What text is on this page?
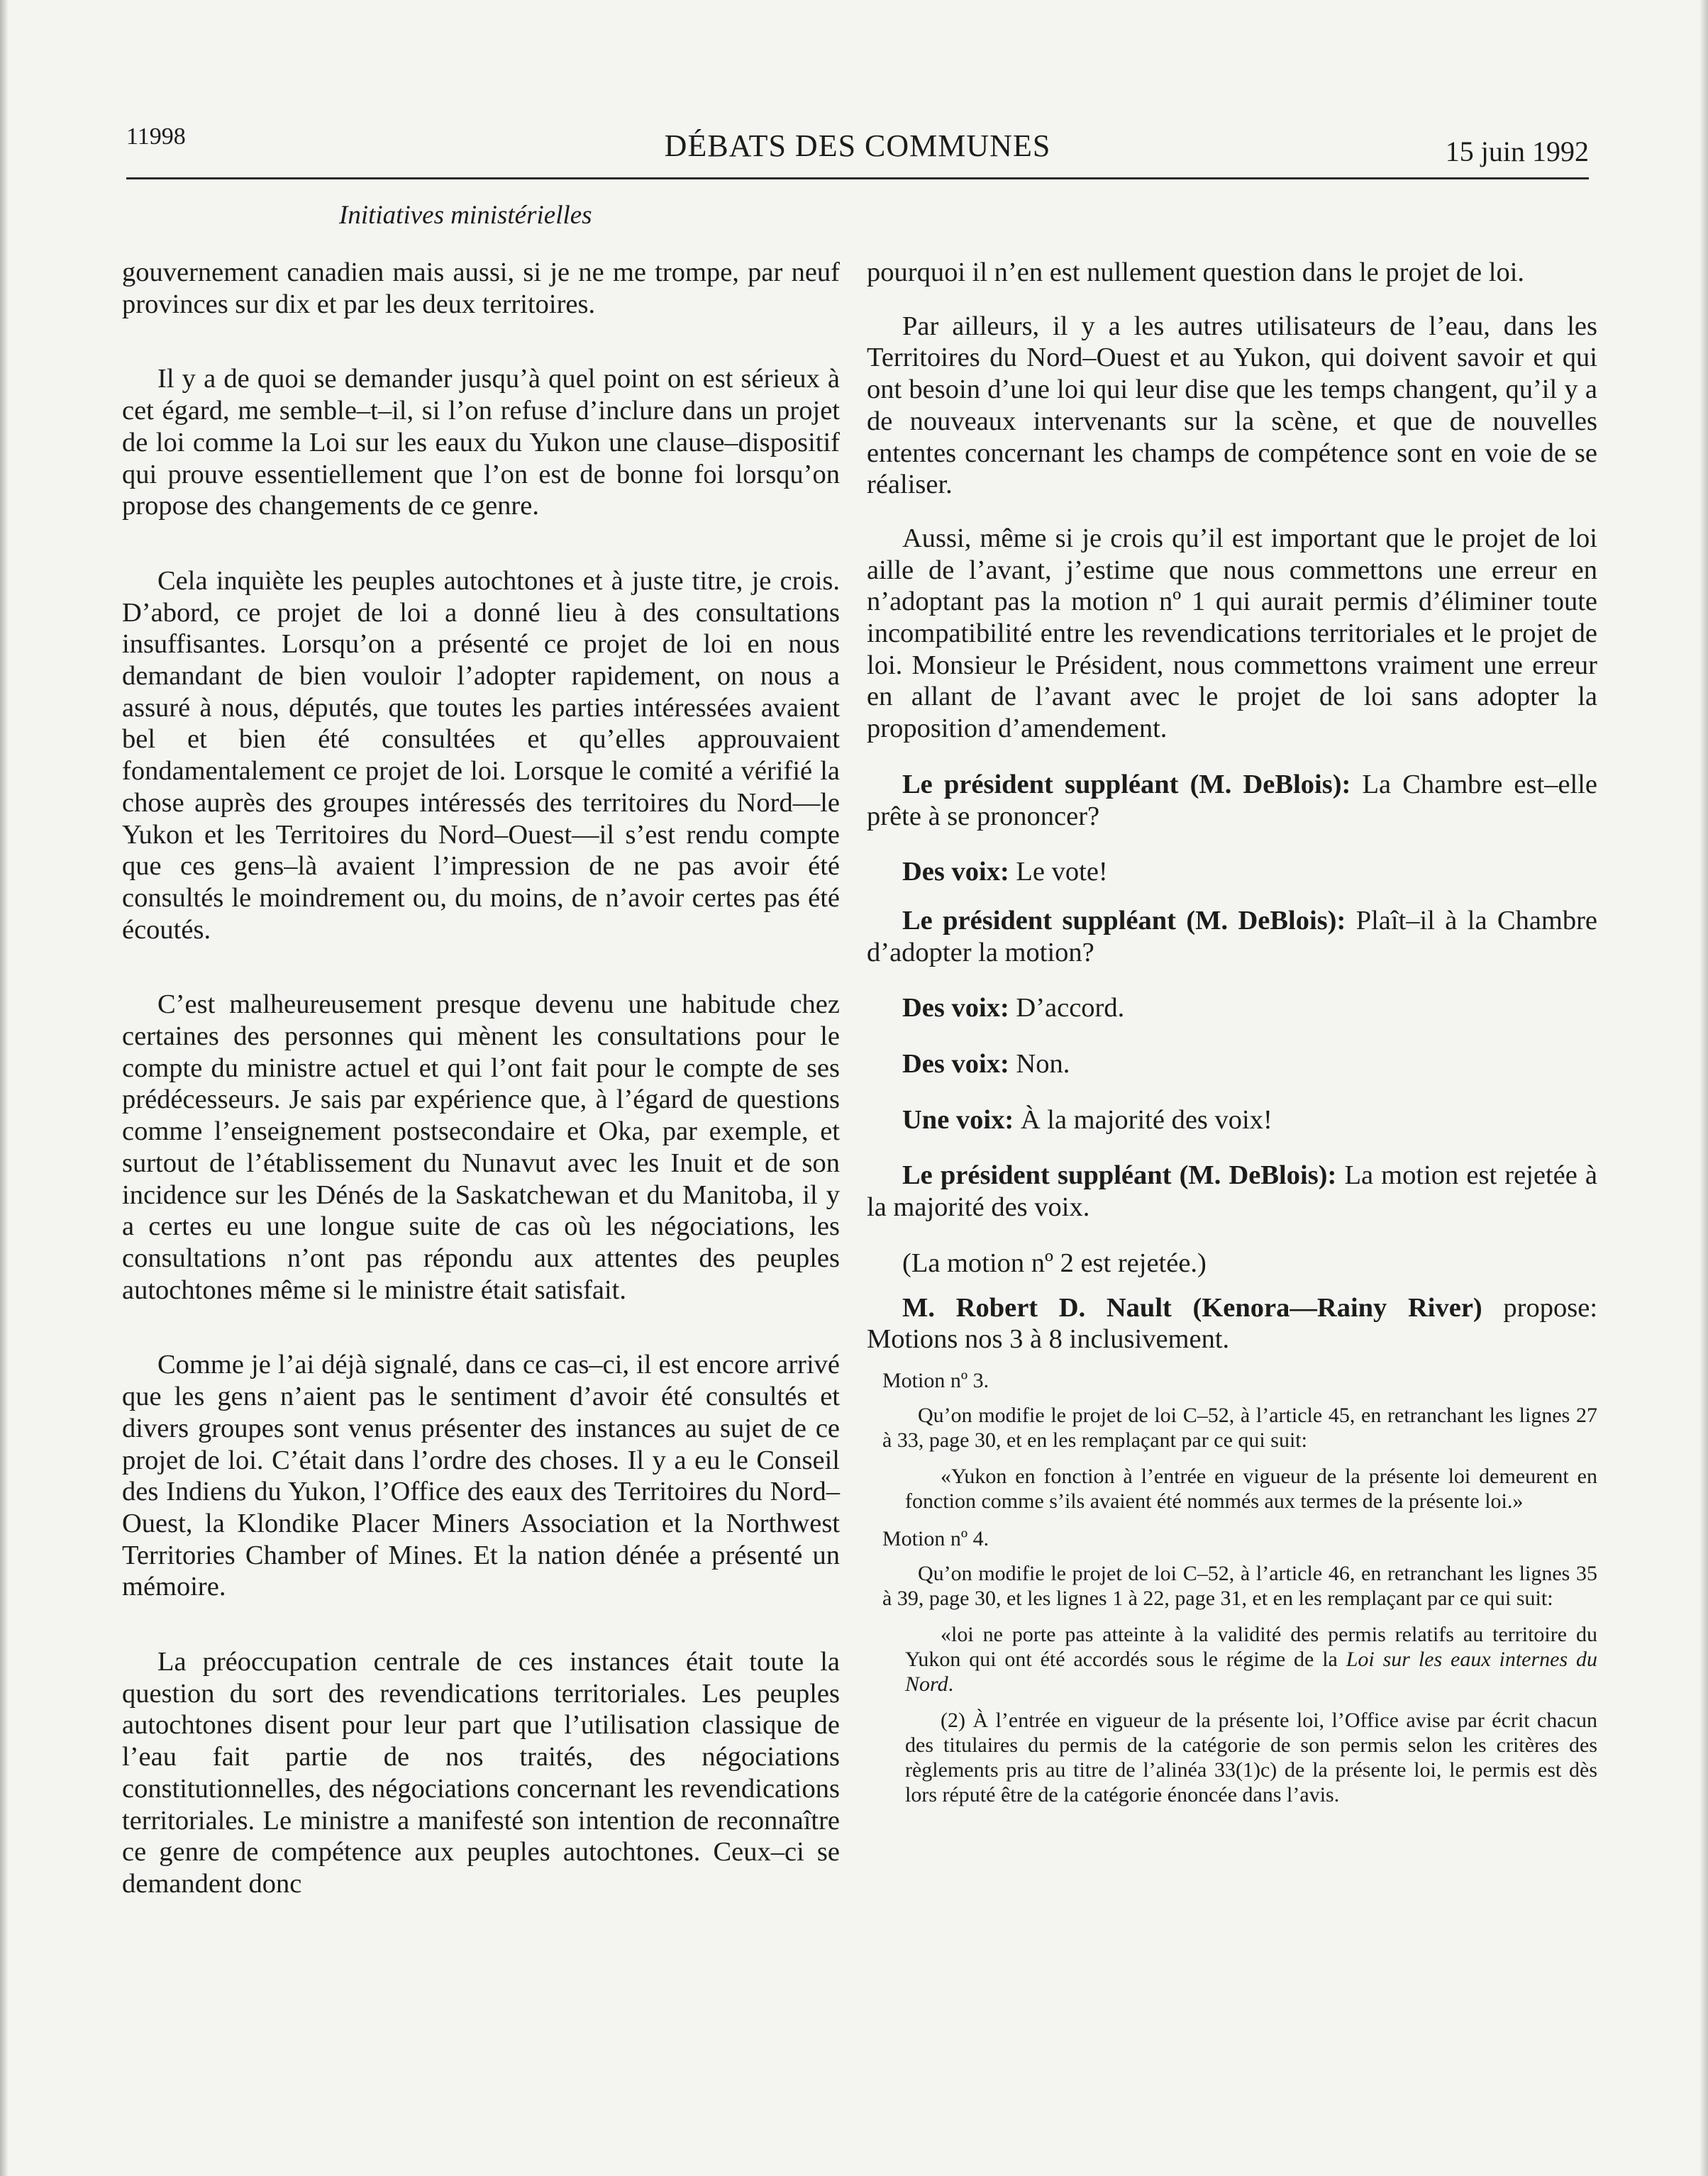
11998	DÉBATS DES COMMUNES	15 juin 1992
Initiatives ministérielles

gouvernement canadien mais aussi, si je ne me trompe, par neuf provinces sur dix et par les deux territoires.

Il y a de quoi se demander jusqu’à quel point on est sérieux à cet égard, me semble–t–il, si l’on refuse d’inclure dans un projet de loi comme la Loi sur les eaux du Yukon une clause–dispositif qui prouve essentiellement que l’on est de bonne foi lorsqu’on propose des changements de ce genre.

Cela inquiète les peuples autochtones et à juste titre, je crois. D’abord, ce projet de loi a donné lieu à des consultations insuffisantes. Lorsqu’on a présenté ce projet de loi en nous demandant de bien vouloir l’adopter rapidement, on nous a assuré à nous, députés, que toutes les parties intéressées avaient bel et bien été consultées et qu’elles approuvaient fondamentalement ce projet de loi. Lorsque le comité a vérifié la chose auprès des groupes intéressés des territoires du Nord—le Yukon et les Territoires du Nord–Ouest—il s’est rendu compte que ces gens–là avaient l’impression de ne pas avoir été consultés le moindrement ou, du moins, de n’avoir certes pas été écoutés.

C’est malheureusement presque devenu une habitude chez certaines des personnes qui mènent les consultations pour le compte du ministre actuel et qui l’ont fait pour le compte de ses prédécesseurs. Je sais par expérience que, à l’égard de questions comme l’enseignement postsecondaire et Oka, par exemple, et surtout de l’établissement du Nunavut avec les Inuit et de son incidence sur les Dénés de la Saskatchewan et du Manitoba, il y a certes eu une longue suite de cas où les négociations, les consultations n’ont pas répondu aux attentes des peuples autochtones même si le ministre était satisfait.

Comme je l’ai déjà signalé, dans ce cas–ci, il est encore arrivé que les gens n’aient pas le sentiment d’avoir été consultés et divers groupes sont venus présenter des instances au sujet de ce projet de loi. C’était dans l’ordre des choses. Il y a eu le Conseil des Indiens du Yukon, l’Office des eaux des Territoires du Nord–Ouest, la Klondike Placer Miners Association et la Northwest Territories Chamber of Mines. Et la nation dénée a présenté un mémoire.

La préoccupation centrale de ces instances était toute la question du sort des revendications territoriales. Les peuples autochtones disent pour leur part que l’utilisation classique de l’eau fait partie de nos traités, des négociations constitutionnelles, des négociations concernant les revendications territoriales. Le ministre a manifesté son intention de reconnaître ce genre de compétence aux peuples autochtones. Ceux–ci se demandent donc

pourquoi il n’en est nullement question dans le projet de loi.

Par ailleurs, il y a les autres utilisateurs de l’eau, dans les Territoires du Nord–Ouest et au Yukon, qui doivent savoir et qui ont besoin d’une loi qui leur dise que les temps changent, qu’il y a de nouveaux intervenants sur la scène, et que de nouvelles ententes concernant les champs de compétence sont en voie de se réaliser.

Aussi, même si je crois qu’il est important que le projet de loi aille de l’avant, j’estime que nous commettons une erreur en n’adoptant pas la motion nº 1 qui aurait permis d’éliminer toute incompatibilité entre les revendications territoriales et le projet de loi. Monsieur le Président, nous commettons vraiment une erreur en allant de l’avant avec le projet de loi sans adopter la proposition d’amendement.

Le président suppléant (M. DeBlois): La Chambre est–elle prête à se prononcer?

Des voix: Le vote!

Le président suppléant (M. DeBlois): Plaît–il à la Chambre d’adopter la motion?

Des voix: D’accord.

Des voix: Non.

Une voix: À la majorité des voix!

Le président suppléant (M. DeBlois): La motion est rejetée à la majorité des voix.

(La motion nº 2 est rejetée.)

M. Robert D. Nault (Kenora—Rainy River) propose: Motions nos 3 à 8 inclusivement.

Motion nº 3.

Qu’on modifie le projet de loi C–52, à l’article 45, en retranchant les lignes 27 à 33, page 30, et en les remplaçant par ce qui suit:

«Yukon en fonction à l’entrée en vigueur de la présente loi demeurent en fonction comme s’ils avaient été nommés aux termes de la présente loi.»

Motion nº 4.

Qu’on modifie le projet de loi C–52, à l’article 46, en retranchant les lignes 35 à 39, page 30, et les lignes 1 à 22, page 31, et en les remplaçant par ce qui suit:

«loi ne porte pas atteinte à la validité des permis relatifs au territoire du Yukon qui ont été accordés sous le régime de la Loi sur les eaux internes du Nord.

(2) À l’entrée en vigueur de la présente loi, l’Office avise par écrit chacun des titulaires du permis de la catégorie de son permis selon les critères des règlements pris au titre de l’alinéa 33(1)c) de la présente loi, le permis est dès lors réputé être de la catégorie énoncée dans l’avis.
